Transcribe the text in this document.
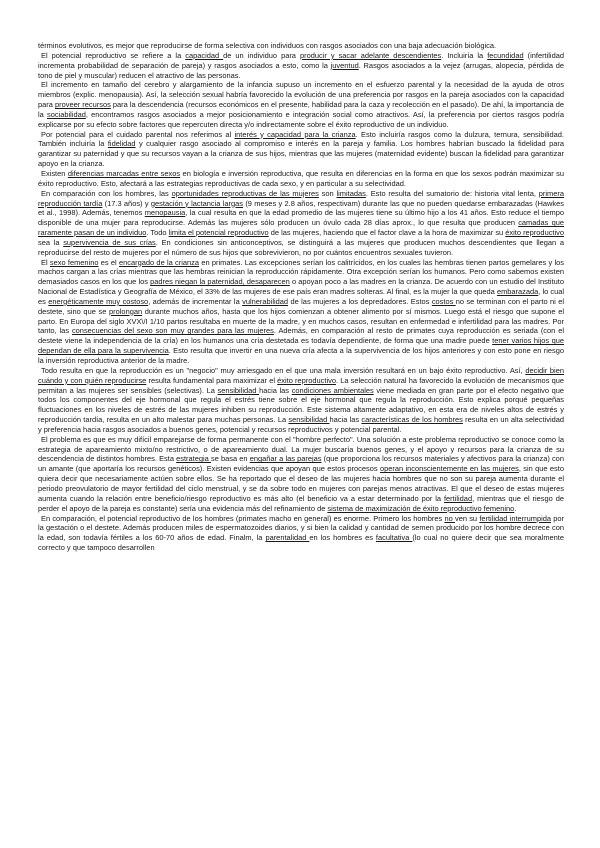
términos evolutivos, es mejor que reproducirse de forma selectiva con individuos con rasgos asociados con una baja adecuación biológica.

El potencial reproductivo se refiere a la capacidad de un individuo para producir y sacar adelante descendientes. Incluiría la fecundidad (infertilidad incrementa probabilidad de separación de pareja) y rasgos asociados a esto, como la juventud. Rasgos asociados a la vejez (arrugas, alopecia, pérdida de tono de piel y muscular) reducen el atractivo de las personas.

El incremento en tamaño del cerebro y alargamiento de la infancia supuso un incremento en el esfuerzo parental y la necesidad de la ayuda de otros miembros (explic. menopausia). Así, la selección sexual habría favorecido la evolución de una preferencia por rasgos en la pareja asociados con la capacidad para proveer recursos para la descendencia (recursos económicos en el presente, habilidad para la caza y recolección en el pasado). De ahí, la importancia de la sociabilidad, encontramos rasgos asociados a mejor posicionamiento e integración social como atractivos. Así, la preferencia por ciertos rasgos podría explicarse por su efecto sobre factores que repercuten directa y/o indirectamente sobre el éxito reproductivo de un individuo.

Por potencial para el cuidado parental nos referimos al interés y capacidad para la crianza. Esto incluiría rasgos como la dulzura, ternura, sensibilidad. También incluiría la fidelidad y cualquier rasgo asociado al compromiso e interés en la pareja y familia. Los hombres habrían buscado la fidelidad para garantizar su paternidad y que su recursos vayan a la crianza de sus hijos, mientras que las mujeres (maternidad evidente) buscan la fidelidad para garantizar apoyo en la crianza.

Existen diferencias marcadas entre sexos en biología e inversión reproductiva, que resulta en diferencias en la forma en que los sexos podrán maximizar su éxito reproductivo. Esto, afectará a las estrategias reproductivas de cada sexo, y en particular a su selectividad.

En comparación con los hombres, las oportunidades reproductivas de las mujeres son limitadas. Esto resulta del sumatorio de: historia vital lenta, primera reproducción tardía (17.3 años) y gestación y lactancia largas (9 meses y 2.8 años, respectivam) durante las que no pueden quedarse embarazadas (Hawkes et al., 1998). Además, tenemos menopausia, la cual resulta en que la edad promedio de las mujeres tiene su último hijo a los 41 años. Esto reduce el tiempo disponible de una mujer para reproducirse. Además las mujeres sólo producen un óvulo cada 28 días aprox., lo que resulta que producen camadas que raramente pasan de un individuo. Todo limita el potencial reproductivo de las mujeres, haciendo que el factor clave a la hora de maximizar su éxito reproductivo sea la supervivencia de sus crías. En condiciones sin anticonceptivos, se distinguirá a las mujeres que producen muchos descendientes que llegan a reproducirse del resto de mujeres por el número de sus hijos que sobrevivieron, no por cuántos encuentros sexuales tuvieron.

El sexo femenino es el encargado de la crianza en primates. Las excepciones serían los calitrícidos, en los cuales las hembras tienen partos gemelares y los machos cargan a las crías mientras que las hembras reinician la reproducción rápidamente. Otra excepción serían los humanos. Pero como sabemos existen demasiados casos en los que los padres niegan la paternidad, desaparecen o apoyan poco a las madres en la crianza. De acuerdo con un estudio del Instituto Nacional de Estadística y Geografía de México, el 33% de las mujeres de ese país eran madres solteras. Al final, es la mujer la que queda embarazada, lo cual es energéticamente muy costoso, además de incrementar la vulnerabilidad de las mujeres a los depredadores. Estos costos no se terminan con el parto ni el destete, sino que se prolongan durante muchos años, hasta que los hijos comienzan a obtener alimento por sí mismos. Luego está el riesgo que supone el parto. En Europa del siglo XVX\/I 1/10 partos resultaba en muerte de la madre, y en muchos casos, resultan en enfermedad e infertilidad para las madres. Por tanto, las consecuencias del sexo son muy grandes para las mujeres. Además, en comparación al resto de primates cuya reproducción es seriada (con el destete viene la independencia de la cría) en los humanos una cría destetada es todavía dependiente, de forma que una madre puede tener varios hijos que dependan de ella para la supervivencia. Esto resulta que invertir en una nueva cría afecta a la supervivencia de los hijos anteriores y con esto pone en riesgo la inversión reproductiva anterior de la madre.

Todo resulta en que la reproducción es un "negocio" muy arriesgado en el que una mala inversión resultará en un bajo éxito reproductivo. Así, decidir bien cuándo y con quién reproducirse resulta fundamental para maximizar el éxito reproductivo. La selección natural ha favorecido la evolución de mecanismos que permitan a las mujeres ser sensibles (selectivas). La sensibilidad hacia las condiciones ambientales viene mediada en gran parte por el efecto negativo que todos los componentes del eje hormonal que regula el estrés tiene sobre el eje hormonal que regula la reproducción. Esto explica porqué pequeñas fluctuaciones en los niveles de estrés de las mujeres inhiben su reproducción. Este sistema altamente adaptativo, en esta era de niveles altos de estrés y reproducción tardía, resulta en un alto malestar para muchas personas. La sensibilidad hacia las características de los hombres resulta en un alta selectividad y preferencia hacia rasgos asociados a buenos genes, potencial y recursos reproductivos y potencial parental.

El problema es que es muy difícil emparejarse de forma permanente con el "hombre perfecto". Una solución a este problema reproductivo se conoce como la estrategia de apareamiento mixto/no restrictivo, o de apareamiento dual. La mujer buscaría buenos genes, y el apoyo y recursos para la crianza de su descendencia de distintos hombres. Esta estrategia se basa en engañar a las parejas (que proporciona los recursos materiales y afectivos para la crianza) con un amante (que aportaría los recursos genéticos). Existen evidencias que apoyan que estos procesos operan inconscientemente en las mujeres, sin que esto quiera decir que necesariamente actúen sobre ellos. Se ha reportado que el deseo de las mujeres hacia hombres que no son su pareja aumenta durante el periodo preovulatorio de mayor fertilidad del ciclo menstrual, y se da sobre todo en mujeres con parejas menos atractivas. El que el deseo de estas mujeres aumenta cuando la relación entre beneficio/riesgo reproductivo es más alto (el beneficio va a estar determinado por la fertilidad, mientras que el riesgo de perder el apoyo de la pareja es constante) sería una evidencia más del refinamiento de sistema de maximización de éxito reproductivo femenino.

En comparación, el potencial reproductivo de los hombres (primates macho en general) es enorme. Primero los hombres no ven su fertilidad interrumpida por la gestación o el destete. Además producen miles de espermatozoides diarios, y si bien la calidad y cantidad de semen producido por los hombre decrece con la edad, son todavía fértiles a los 60-70 años de edad. Finalm, la parentalidad en los hombres es facultativa (lo cual no quiere decir que sea moralmente correcto y que tampoco desarrollen
